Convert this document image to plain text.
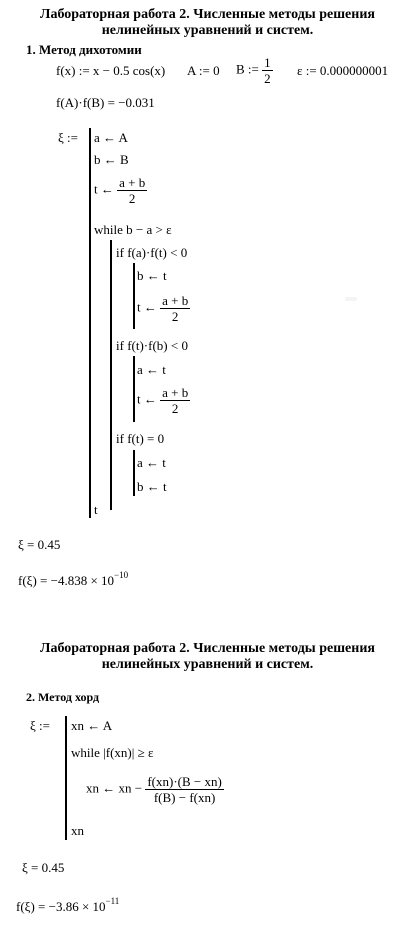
Лабораторная работа 2. Численные методы решения
нелинейных уравнений и систем.
1. Метод дихотомии
f(x) := x − 0.5 cos(x) A := 0 B := $\frac{1}{2}$ ε := 0.000000001
f(A)·f(B) = −0.031
ξ := a ← A
b ← B
t ← $\frac{a + b}{2}$
while b − a > ε
if f(a)·f(t) < 0
b ← t
t ← $\frac{a + b}{2}$
if f(t)·f(b) < 0
a ← t
t ← $\frac{a + b}{2}$
if f(t) = 0
a ← t
b ← t
t
ξ = 0.45
$f(\xi) = -4.838 \times 10^{-10}$
Лабораторная работа 2. Численные методы решения
нелинейных уравнений и систем.
2. Метод хорд
ξ := xn ← A
while |f(xn)| ≥ ε
xn ← xn − $\frac{f(xn)\cdot(B - xn)}{f(B) - f(xn)}$
xn
ξ = 0.45
$f(\xi) = -3.86 \times 10^{-11}$
